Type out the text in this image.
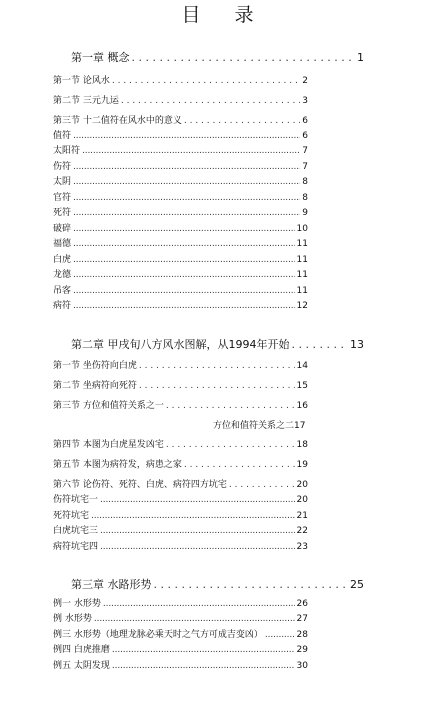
目 录
第一章 概念 . . .	1
第一节 论风水 . . .	2
第二节 三元九运 . . .	3
第三节 十二值符在风水中的意义 . . .	6
值符 . . .	6
太阳符 . . .	7
伤符 . . .	7
太阴 . . .	8
官符 . . .	8
死符 . . .	9
破碎 . . .	10
福德 . . .	11
白虎 . . .	11
龙德 . . .	11
吊客 . . .	11
病符 . . .	12
第二章 甲戌旬八方风水图解，从1994年开始 . . .	13
第一节 坐伤符向白虎 . . .	14
第二节 坐病符向死符 . . .	15
第三节 方位和值符关系之一 . . .	16
方位和值符关系之二 17
第四节 本图为白虎星发凶宅 . . .	18
第五节 本图为病符发，病患之家 . . .	19
第六节 论伤符、死符、白虎、病符四方坑宅 . . .	20
伤符坑宅一 . . .	20
死符坑宅 . . .	21
白虎坑宅三 . . .	22
病符坑宅四 . . .	23
第三章 水路形势 . . .	25
例一 水形势 . . .	26
例 水形势 . . .	27
例三 水形势（地理龙脉必乘天时之气方可成吉变凶） . . .	28
例四 白虎推磨 . . .	29
例五 太阴发现 . . .	30
